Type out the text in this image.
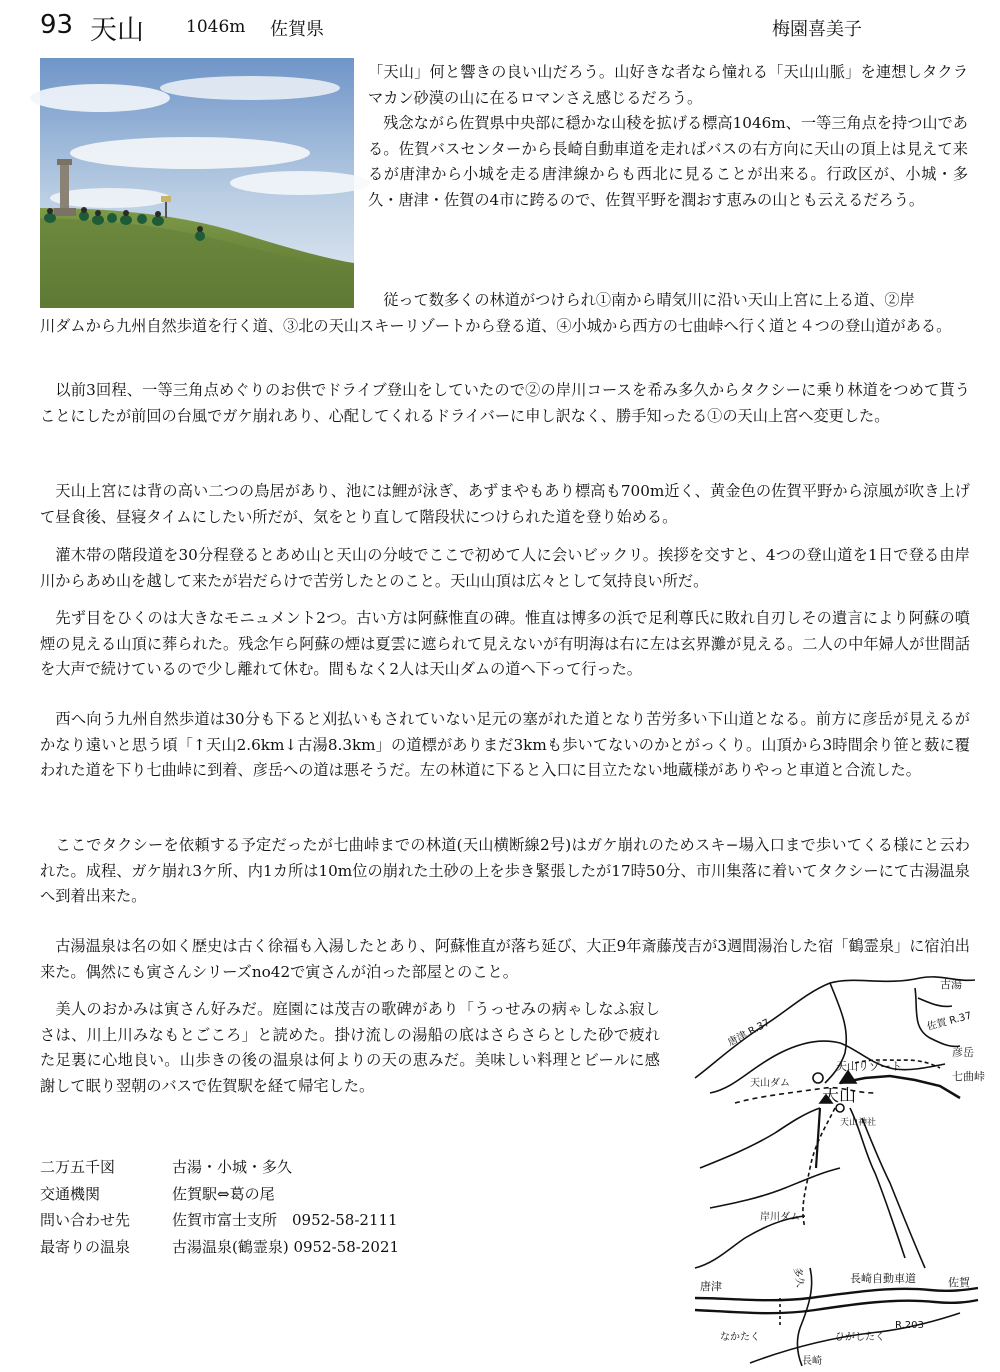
93 天山 1046m 佐賀県	梅園喜美子

「天山」何と響きの良い山だろう。山好きな者なら憧れる「天山山脈」を連想しタクラマカン砂漠の山に在るロマンさえ感じるだろう。

　残念ながら佐賀県中央部に穏かな山稜を拡げる標高1046m、一等三角点を持つ山である。佐賀バスセンターから長崎自動車道を走ればバスの右方向に天山の頂上は見えて来るが唐津から小城を走る唐津線からも西北に見ることが出来る。行政区が、小城・多久・唐津・佐賀の4市に跨るので、佐賀平野を潤おす恵みの山とも云えるだろう。

　従って数多くの林道がつけられ①南から晴気川に沿い天山上宮に上る道、②岸

川ダムから九州自然歩道を行く道、③北の天山スキーリゾートから登る道、④小城から西方の七曲峠へ行く道と４つの登山道がある。

　以前3回程、一等三角点めぐりのお供でドライブ登山をしていたので②の岸川コースを希み多久からタクシーに乗り林道をつめて貰うことにしたが前回の台風でガケ崩れあり、心配してくれるドライバーに申し訳なく、勝手知ったる①の天山上宮へ変更した。

　天山上宮には背の高い二つの鳥居があり、池には鯉が泳ぎ、あずまやもあり標高も700m近く、黄金色の佐賀平野から涼風が吹き上げて昼食後、昼寝タイムにしたい所だが、気をとり直して階段状につけられた道を登り始める。

　灌木帯の階段道を30分程登るとあめ山と天山の分岐でここで初めて人に会いビックリ。挨拶を交すと、4つの登山道を1日で登る由岸川からあめ山を越して来たが岩だらけで苦労したとのこと。天山山頂は広々として気持良い所だ。

　先ず目をひくのは大きなモニュメント2つ。古い方は阿蘇惟直の碑。惟直は博多の浜で足利尊氏に敗れ自刃しその遺言により阿蘇の噴煙の見える山頂に葬られた。残念乍ら阿蘇の煙は夏雲に遮られて見えないが有明海は右に左は玄界灘が見える。二人の中年婦人が世間話を大声で続けているので少し離れて休む。間もなく2人は天山ダムの道へ下って行った。

　西へ向う九州自然歩道は30分も下ると刈払いもされていない足元の塞がれた道となり苦労多い下山道となる。前方に彦岳が見えるがかなり遠いと思う頃「↑天山2.6km↓古湯8.3km」の道標がありまだ3kmも歩いてないのかとがっくり。山頂から3時間余り笹と薮に覆われた道を下り七曲峠に到着、彦岳への道は悪そうだ。左の林道に下ると入口に目立たない地蔵様がありやっと車道と合流した。

　ここでタクシーを依頼する予定だったが七曲峠までの林道(天山横断線2号)はガケ崩れのためスキ−場入口まで歩いてくる様にと云われた。成程、ガケ崩れ3ケ所、内1カ所は10m位の崩れた土砂の上を歩き緊張したが17時50分、市川集落に着いてタクシーにて古湯温泉へ到着出来た。

　古湯温泉は名の如く歴史は古く徐福も入湯したとあり、阿蘇惟直が落ち延び、大正9年斎藤茂吉が3週間湯治した宿「鶴霊泉」に宿泊出来た。偶然にも寅さんシリーズno42で寅さんが泊った部屋とのこと。

　美人のおかみは寅さん好みだ。庭園には茂吉の歌碑があり「うっせみの病ゃしなふ寂しさは、川上川みなもとごころ」と読めた。掛け流しの湯船の底はさらさらとした砂で疲れた足裏に心地良い。山歩きの後の温泉は何よりの天の恵みだ。美味しい料理とビールに感謝して眠り翌朝のバスで佐賀駅を経て帰宅した。

二万五千図	古湯・小城・多久
交通機関	佐賀駅⇔葛の尾
問い合わせ先	佐賀市富士支所　0952-58-2111
最寄りの温泉	古湯温泉(鶴霊泉) 0952-58-2021
古湯
唐津 R.37	佐賀 R.37
天山リゾート
天山ダム
天山
天山神社
七曲峠
彦岳
岸川ダム
多久
唐津
長崎自動車道	佐賀
なかたく	ひがしたく
R.203
長崎
